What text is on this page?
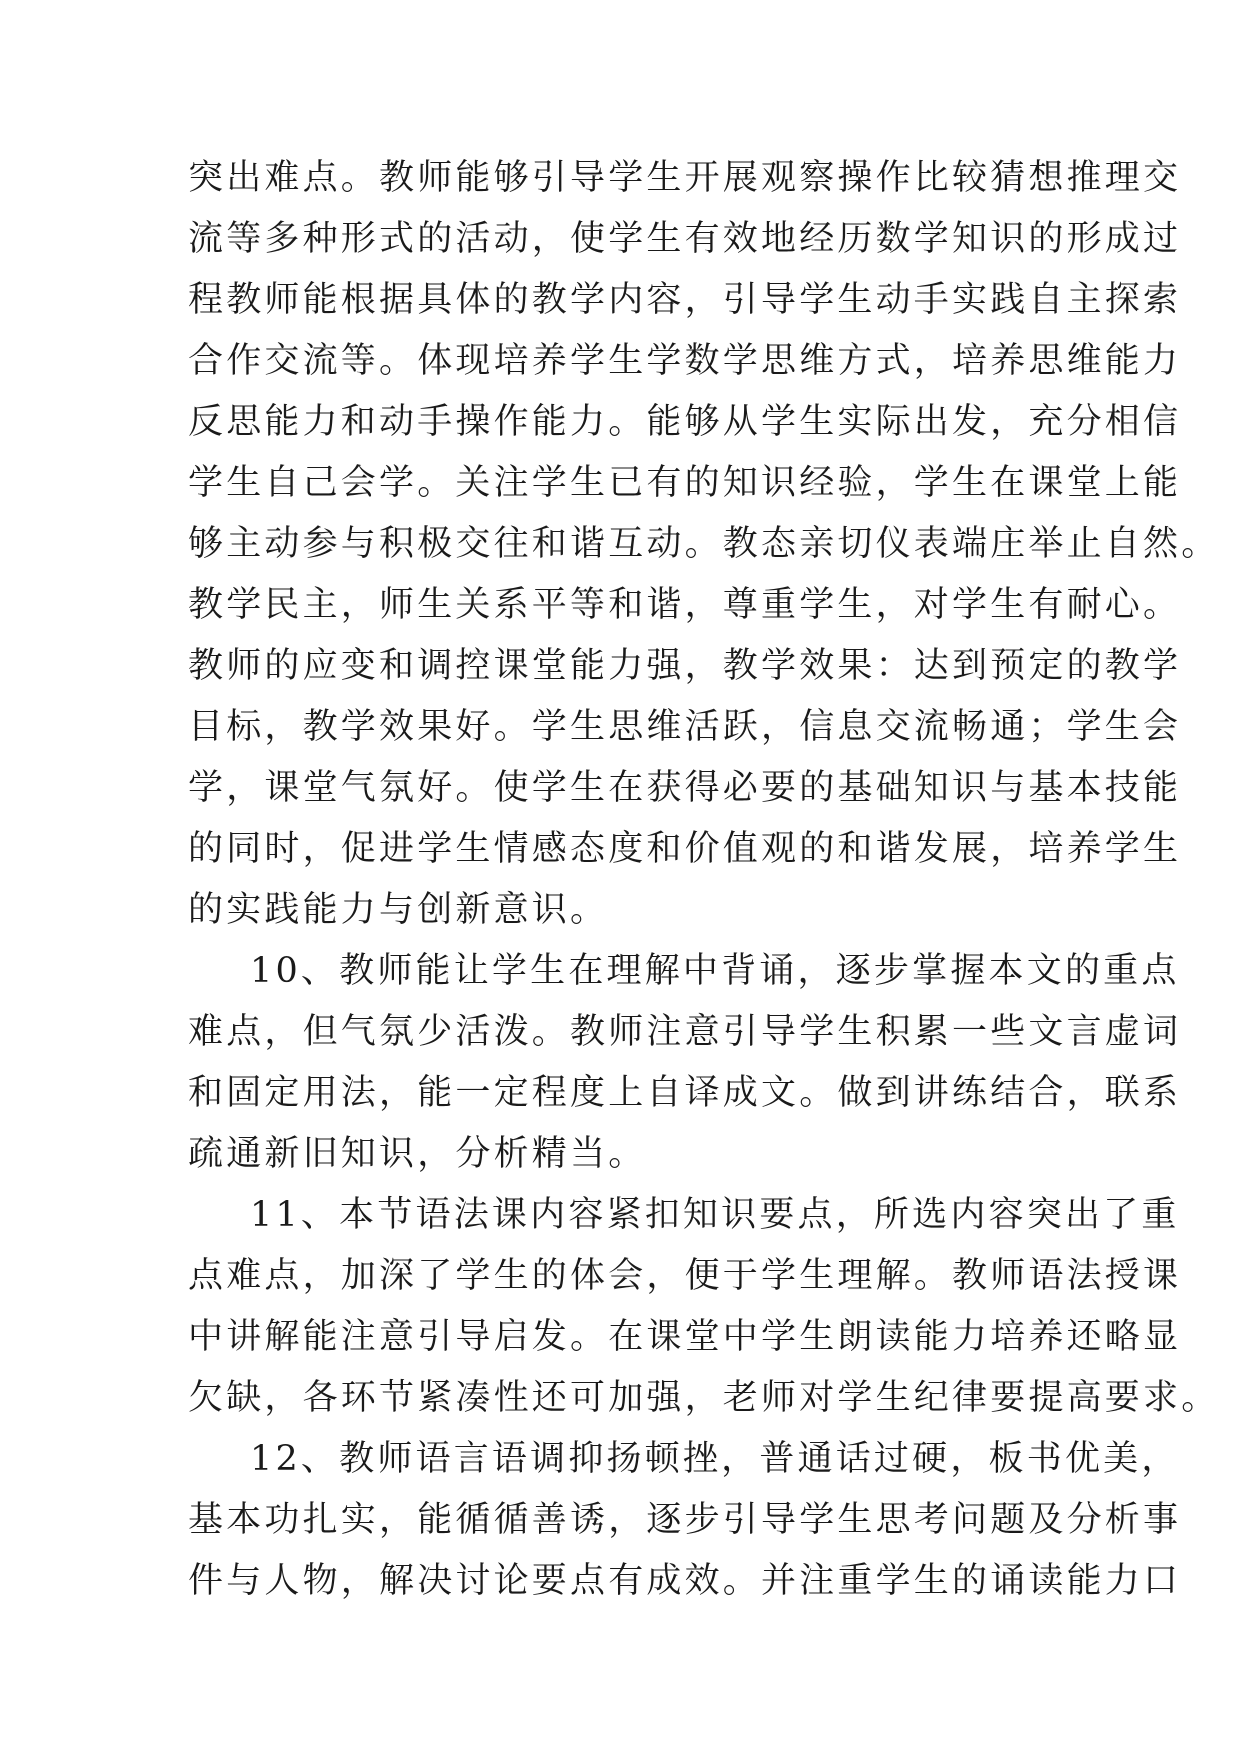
突出难点。教师能够引导学生开展观察操作比较猜想推理交
流等多种形式的活动，使学生有效地经历数学知识的形成过
程教师能根据具体的教学内容，引导学生动手实践自主探索
合作交流等。体现培养学生学数学思维方式，培养思维能力
反思能力和动手操作能力。能够从学生实际出发，充分相信
学生自己会学。关注学生已有的知识经验，学生在课堂上能
够主动参与积极交往和谐互动。教态亲切仪表端庄举止自然。
教学民主，师生关系平等和谐，尊重学生，对学生有耐心。
教师的应变和调控课堂能力强，教学效果：达到预定的教学
目标，教学效果好。学生思维活跃，信息交流畅通；学生会
学，课堂气氛好。使学生在获得必要的基础知识与基本技能
的同时，促进学生情感态度和价值观的和谐发展，培养学生
的实践能力与创新意识。
10、教师能让学生在理解中背诵，逐步掌握本文的重点
难点，但气氛少活泼。教师注意引导学生积累一些文言虚词
和固定用法，能一定程度上自译成文。做到讲练结合，联系
疏通新旧知识，分析精当。
11、本节语法课内容紧扣知识要点，所选内容突出了重
点难点，加深了学生的体会，便于学生理解。教师语法授课
中讲解能注意引导启发。在课堂中学生朗读能力培养还略显
欠缺，各环节紧凑性还可加强，老师对学生纪律要提高要求。
12、教师语言语调抑扬顿挫，普通话过硬，板书优美，
基本功扎实，能循循善诱，逐步引导学生思考问题及分析事
件与人物，解决讨论要点有成效。并注重学生的诵读能力口
